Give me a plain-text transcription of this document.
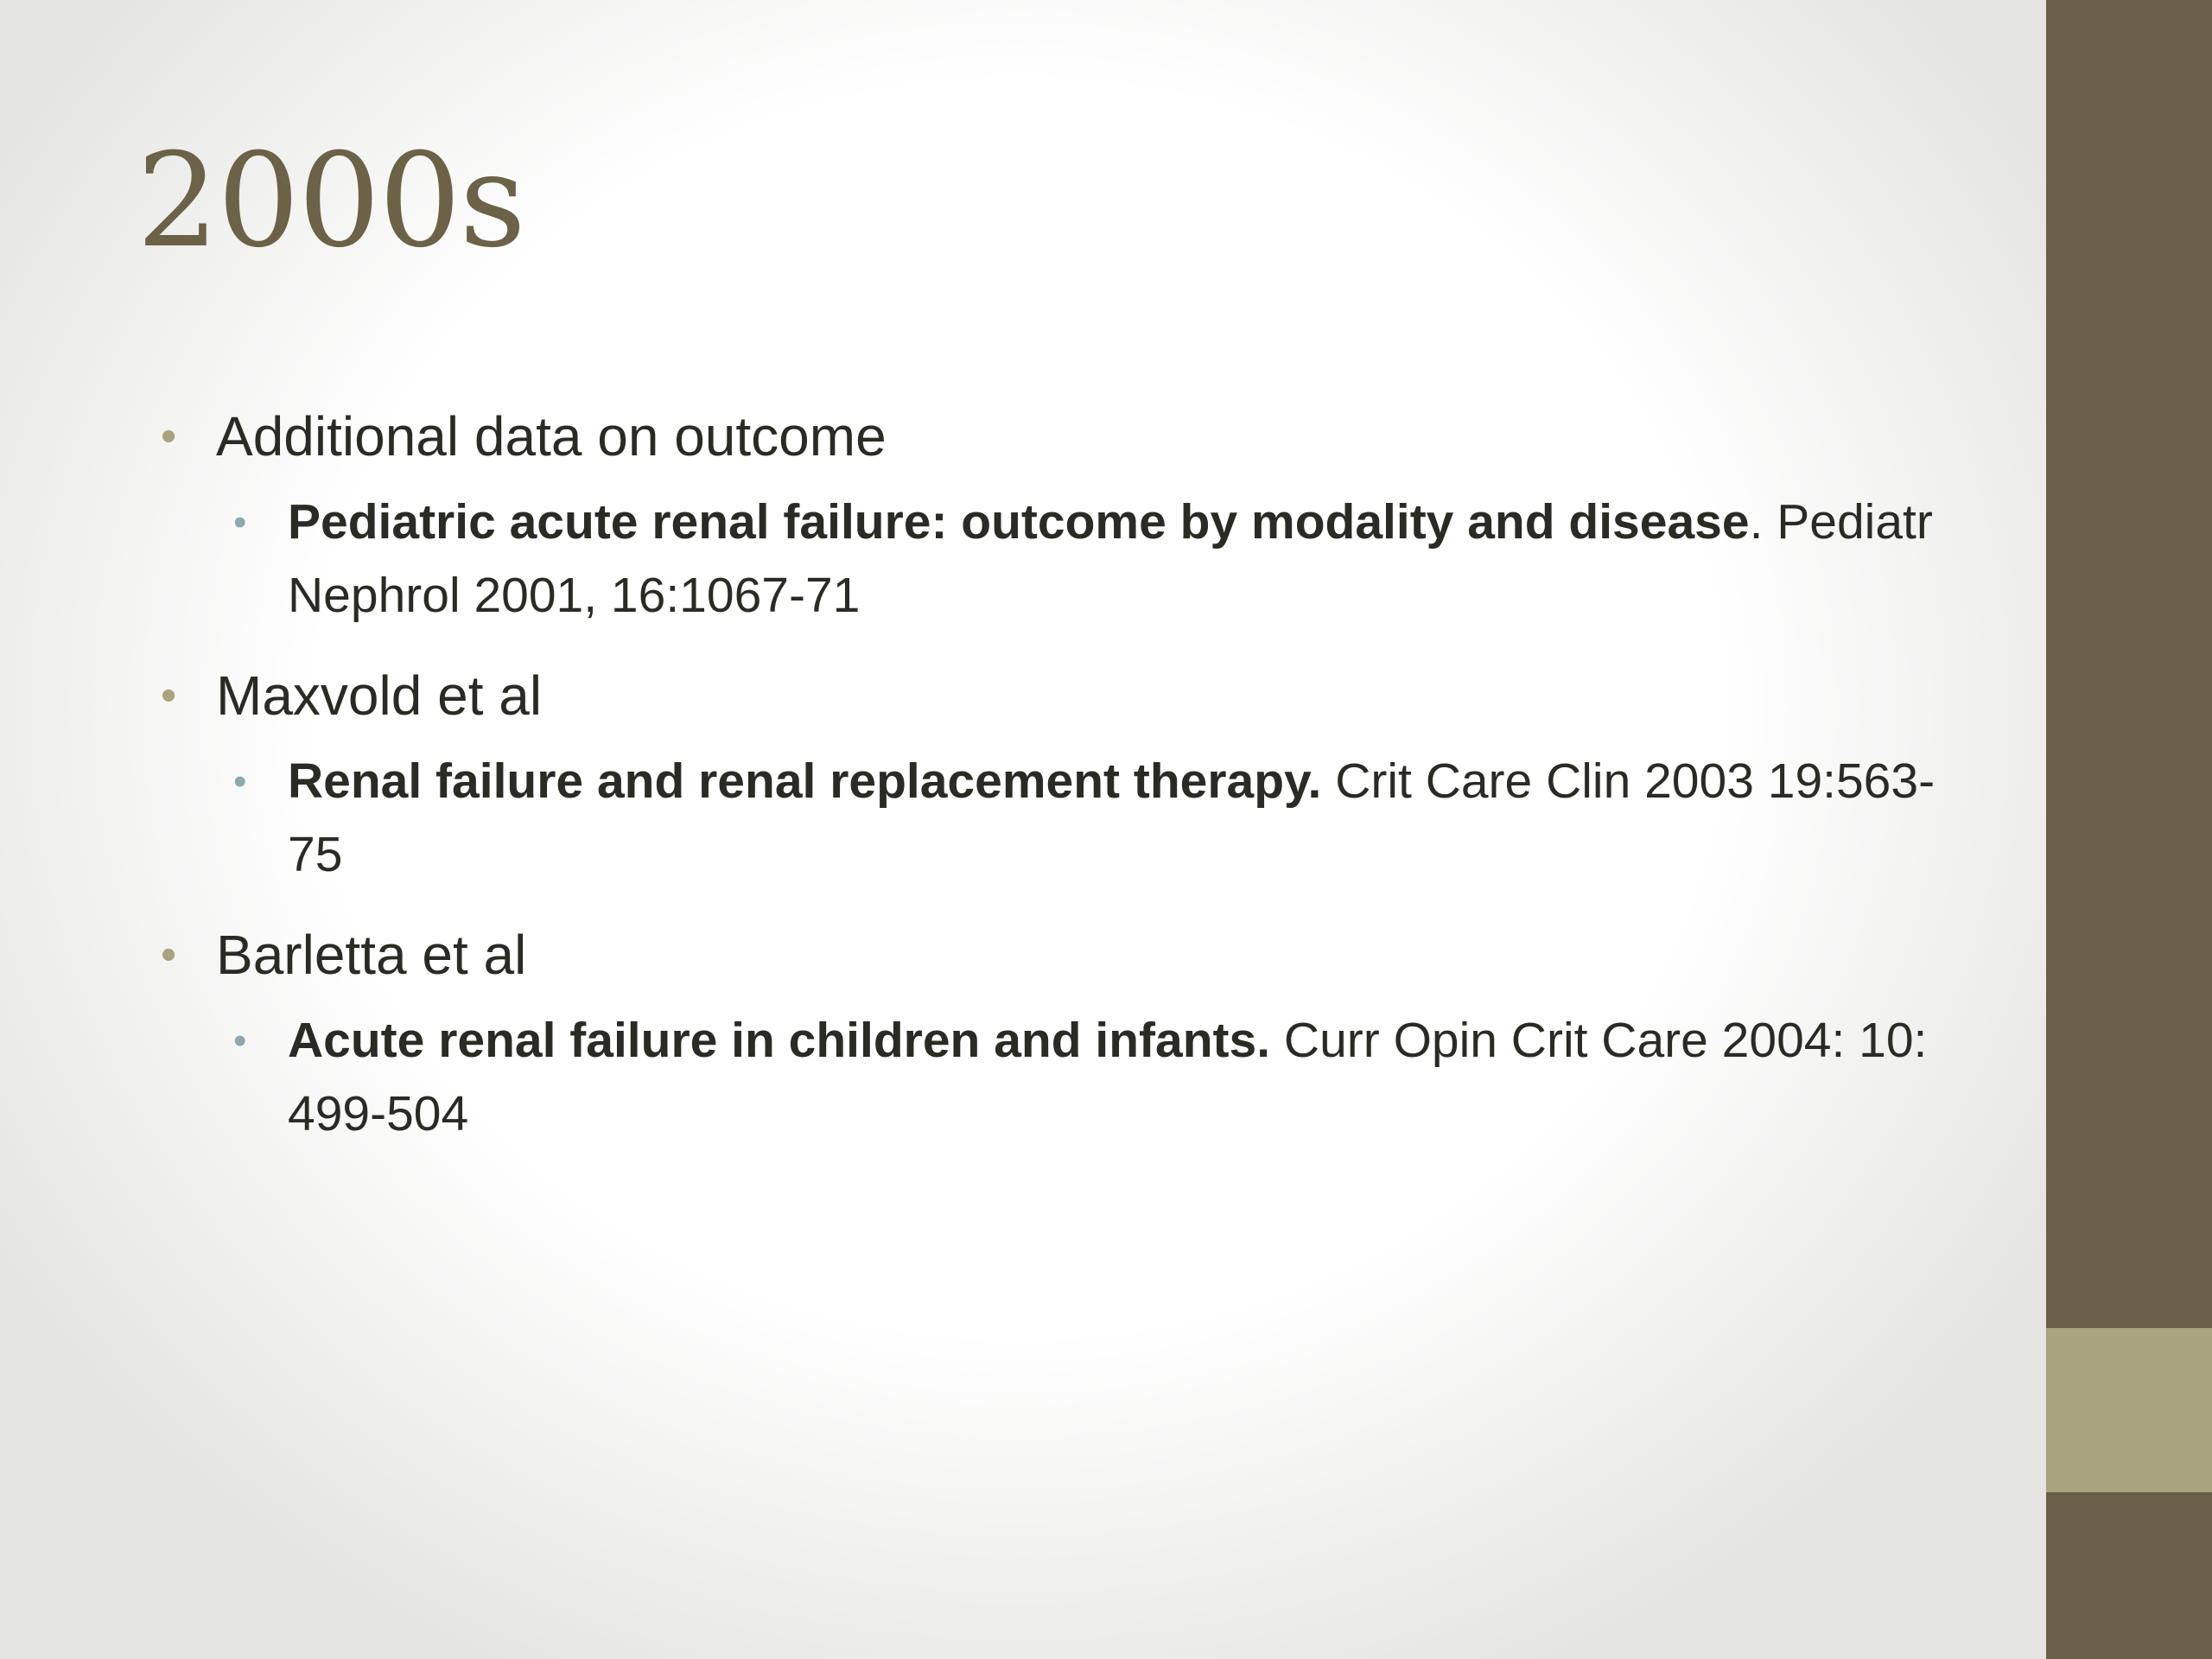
2000s
• Additional data on outcome
• Pediatric acute renal failure: outcome by modality and disease. Pediatr Nephrol 2001, 16:1067-71
• Maxvold et al
• Renal failure and renal replacement therapy. Crit Care Clin 2003 19:563-75
• Barletta et al
• Acute renal failure in children and infants. Curr Opin Crit Care 2004: 10: 499-504
